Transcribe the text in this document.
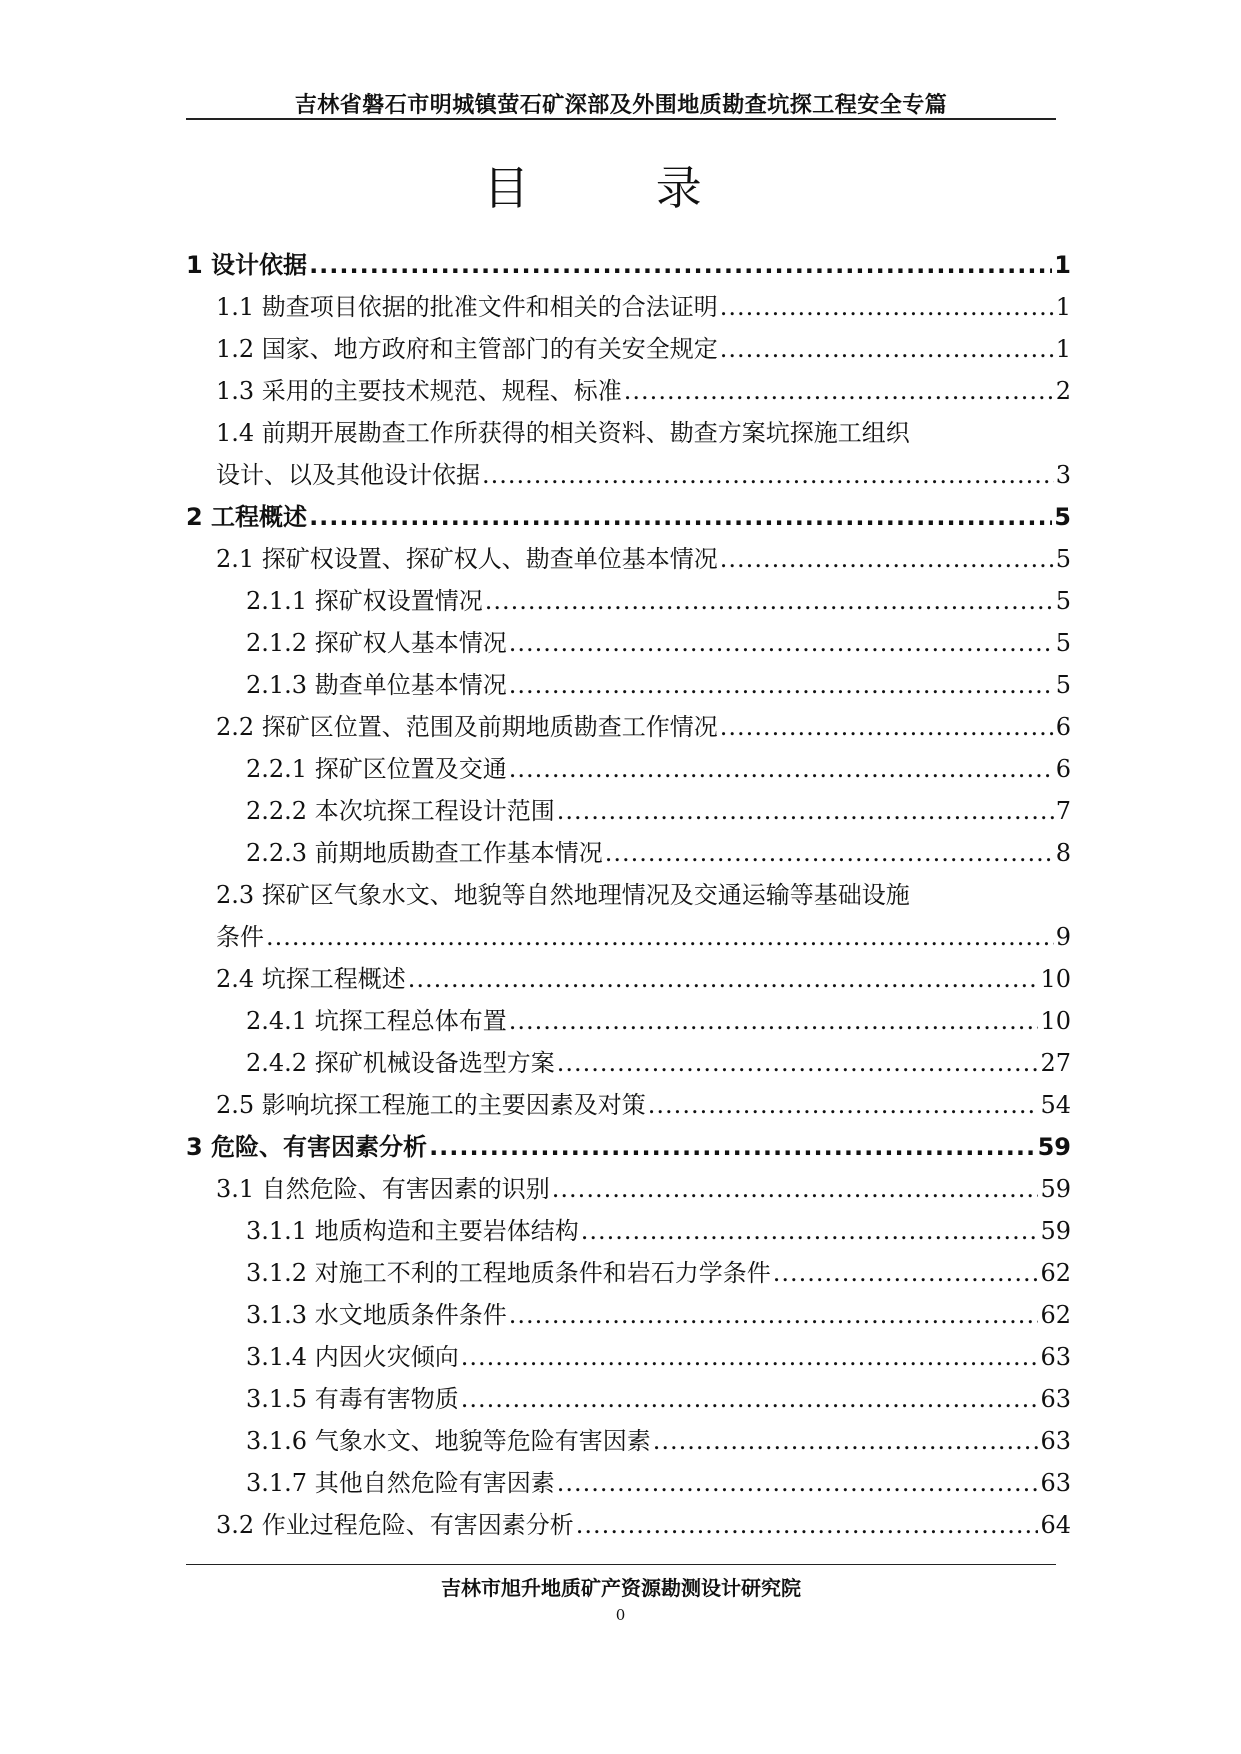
吉林省磐石市明城镇萤石矿深部及外围地质勘查坑探工程安全专篇
目 录
1 设计依据 .....	1
1.1 勘查项目依据的批准文件和相关的合法证明 .....	1
1.2 国家、地方政府和主管部门的有关安全规定 .....	1
1.3 采用的主要技术规范、规程、标准 .....	2
1.4 前期开展勘查工作所获得的相关资料、勘查方案坑探施工组织
设计、以及其他设计依据 .....	3
2 工程概述 .....	5
2.1 探矿权设置、探矿权人、勘查单位基本情况 .....	5
2.1.1 探矿权设置情况 .....	5
2.1.2 探矿权人基本情况 .....	5
2.1.3 勘查单位基本情况 .....	5
2.2 探矿区位置、范围及前期地质勘查工作情况 .....	6
2.2.1 探矿区位置及交通 .....	6
2.2.2 本次坑探工程设计范围 .....	7
2.2.3 前期地质勘查工作基本情况 .....	8
2.3 探矿区气象水文、地貌等自然地理情况及交通运输等基础设施
条件 .....	9
2.4 坑探工程概述 .....	10
2.4.1 坑探工程总体布置 .....	10
2.4.2 探矿机械设备选型方案 .....	27
2.5 影响坑探工程施工的主要因素及对策 .....	54
3 危险、有害因素分析 .....	59
3.1 自然危险、有害因素的识别 .....	59
3.1.1 地质构造和主要岩体结构 .....	59
3.1.2 对施工不利的工程地质条件和岩石力学条件 .....	62
3.1.3 水文地质条件条件 .....	62
3.1.4 内因火灾倾向 .....	63
3.1.5 有毒有害物质 .....	63
3.1.6 气象水文、地貌等危险有害因素 .....	63
3.1.7 其他自然危险有害因素 .....	63
3.2 作业过程危险、有害因素分析 .....	64
吉林市旭升地质矿产资源勘测设计研究院
0
